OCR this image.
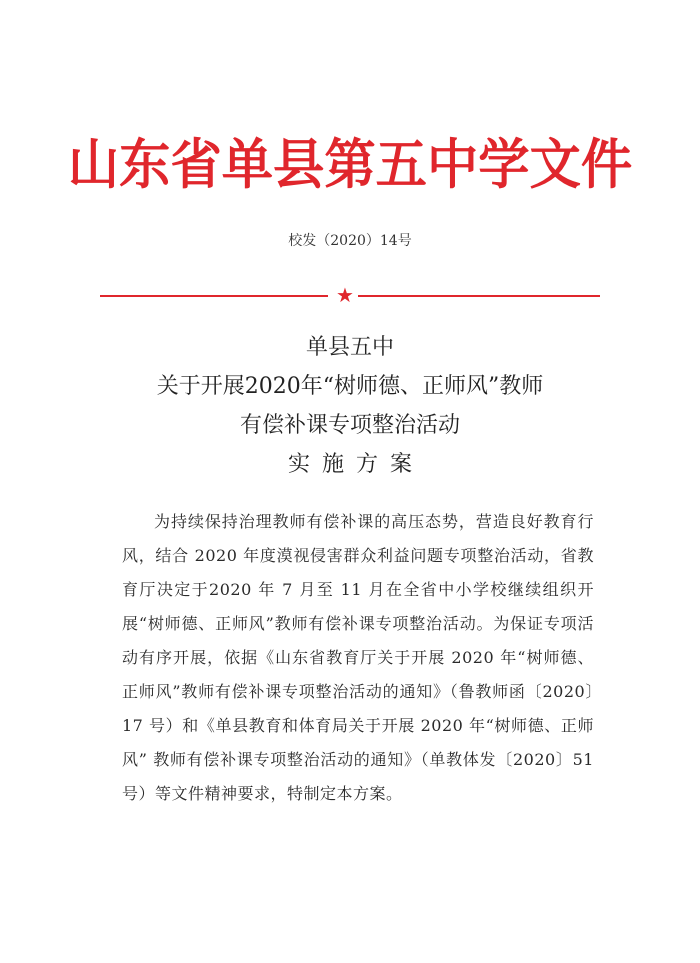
山东省单县第五中学文件
校发（2020）14号
★
单县五中
关于开展2020年“树师德、正师风”教师
有偿补课专项整治活动
实施方案
为持续保持治理教师有偿补课的高压态势，营造良好教育行风，结合 2020 年度漠视侵害群众利益问题专项整治活动，省教育厅决定于2020 年 7 月至 11 月在全省中小学校继续组织开展“树师德、正师风”教师有偿补课专项整治活动。为保证专项活动有序开展，依据《山东省教育厅关于开展 2020 年“树师德、正师风”教师有偿补课专项整治活动的通知》（鲁教师函〔2020〕17 号）和《单县教育和体育局关于开展 2020 年“树师德、正师风” 教师有偿补课专项整治活动的通知》（单教体发〔2020〕51 号）等文件精神要求，特制定本方案。
